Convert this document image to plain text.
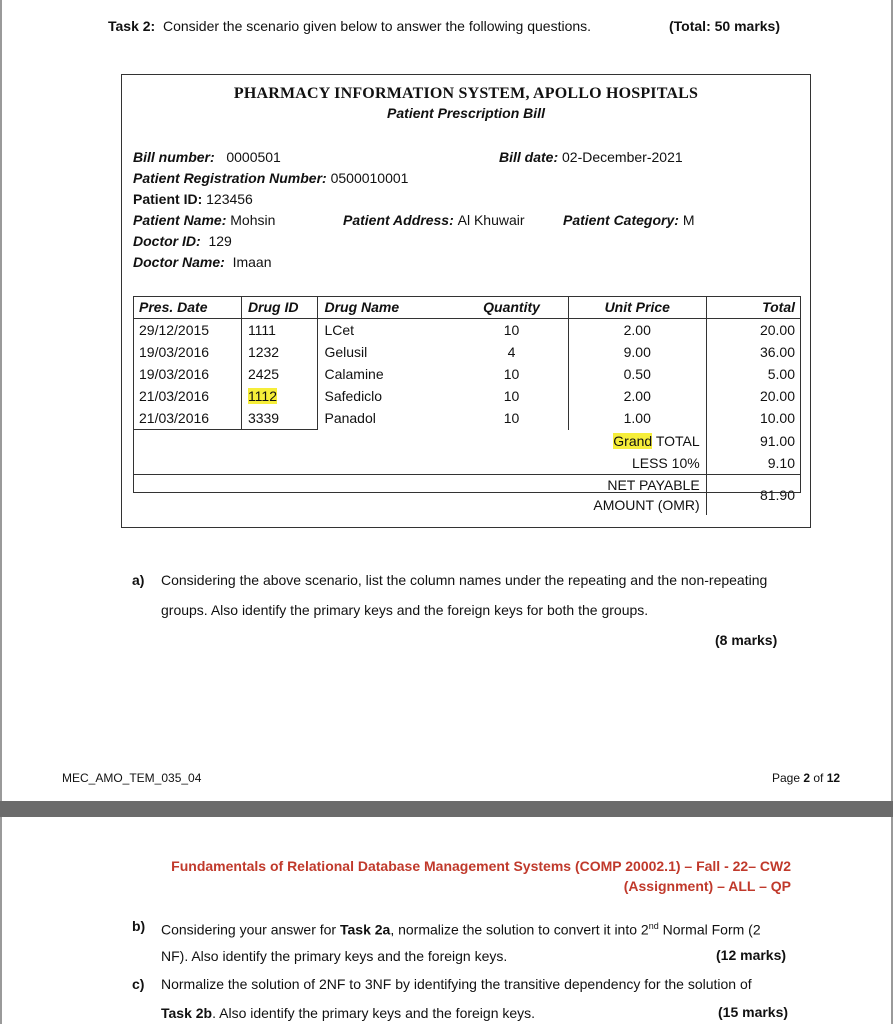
Task 2: Consider the scenario given below to answer the following questions.	(Total: 50 marks)
PHARMACY INFORMATION SYSTEM, APOLLO HOSPITALS
Patient Prescription Bill
Bill number: 0000501	Bill date: 02-December-2021
Patient Registration Number: 0500010001
Patient ID: 123456
Patient Name: Mohsin	Patient Address: Al Khuwair	Patient Category: M
Doctor ID: 129
Doctor Name: Imaan
Pres. Date	Drug ID	Drug Name	Quantity	Unit Price	Total
29/12/2015	1111	LCet	10	2.00	20.00
19/03/2016	1232	Gelusil	4	9.00	36.00
19/03/2016	2425	Calamine	10	0.50	5.00
21/03/2016	1112	Safediclo	10	2.00	20.00
21/03/2016	3339	Panadol	10	1.00	10.00
				Grand TOTAL	91.00
				LESS 10%	9.10
				NET PAYABLE AMOUNT (OMR)	81.90
a) Considering the above scenario, list the column names under the repeating and the non-repeating
groups. Also identify the primary keys and the foreign keys for both the groups.
(8 marks)
MEC_AMO_TEM_035_04	Page 2 of 12
Fundamentals of Relational Database Management Systems (COMP 20002.1) – Fall - 22– CW2
(Assignment) – ALL – QP
b) Considering your answer for Task 2a, normalize the solution to convert it into 2nd Normal Form (2
NF). Also identify the primary keys and the foreign keys.	(12 marks)
c) Normalize the solution of 2NF to 3NF by identifying the transitive dependency for the solution of
Task 2b. Also identify the primary keys and the foreign keys.	(15 marks)
